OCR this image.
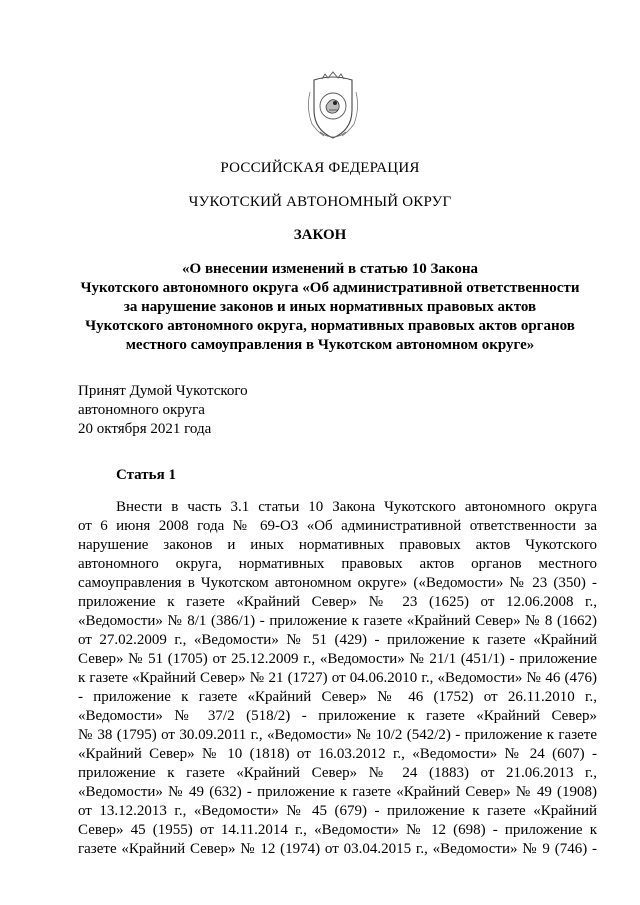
РОССИЙСКАЯ ФЕДЕРАЦИЯ
ЧУКОТСКИЙ АВТОНОМНЫЙ ОКРУГ
ЗАКОН
«О внесении изменений в статью 10 Закона
Чукотского автономного округа «Об административной ответственности
за нарушение законов и иных нормативных правовых актов
Чукотского автономного округа, нормативных правовых актов органов
местного самоуправления в Чукотском автономном округе»
Принят Думой Чукотского
автономного округа
20 октября 2021 года
Статья 1
Внести в часть 3.1 статьи 10 Закона Чукотского автономного округа
от 6 июня 2008 года № 69-ОЗ «Об административной ответственности за
нарушение законов и иных нормативных правовых актов Чукотского
автономного округа, нормативных правовых актов органов местного
самоуправления в Чукотском автономном округе» («Ведомости» № 23 (350) -
приложение к газете «Крайний Север» № 23 (1625) от 12.06.2008 г.,
«Ведомости» № 8/1 (386/1) - приложение к газете «Крайний Север» № 8 (1662)
от 27.02.2009 г., «Ведомости» № 51 (429) - приложение к газете «Крайний
Север» № 51 (1705) от 25.12.2009 г., «Ведомости» № 21/1 (451/1) - приложение
к газете «Крайний Север» № 21 (1727) от 04.06.2010 г., «Ведомости» № 46 (476)
- приложение к газете «Крайний Север» № 46 (1752) от 26.11.2010 г.,
«Ведомости» № 37/2 (518/2) - приложение к газете «Крайний Север»
№ 38 (1795) от 30.09.2011 г., «Ведомости» № 10/2 (542/2) - приложение к газете
«Крайний Север» № 10 (1818) от 16.03.2012 г., «Ведомости» № 24 (607) -
приложение к газете «Крайний Север» № 24 (1883) от 21.06.2013 г.,
«Ведомости» № 49 (632) - приложение к газете «Крайний Север» № 49 (1908)
от 13.12.2013 г., «Ведомости» № 45 (679) - приложение к газете «Крайний
Север» 45 (1955) от 14.11.2014 г., «Ведомости» № 12 (698) - приложение к
газете «Крайний Север» № 12 (1974) от 03.04.2015 г., «Ведомости» № 9 (746) -
